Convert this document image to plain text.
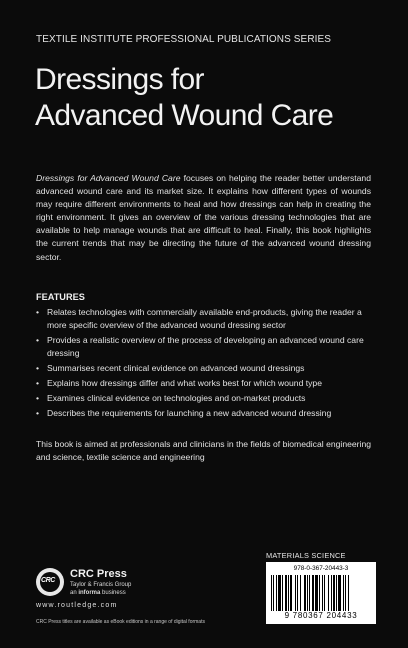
TEXTILE INSTITUTE PROFESSIONAL PUBLICATIONS SERIES
Dressings for
Advanced Wound Care
Dressings for Advanced Wound Care focuses on helping the reader better understand advanced wound care and its market size. It explains how different types of wounds may require different environments to heal and how dressings can help in creating the right environment. It gives an overview of the various dressing technologies that are available to help manage wounds that are difficult to heal. Finally, this book highlights the current trends that may be directing the future of the advanced wound dressing sector.
FEATURES
• Relates technologies with commercially available end-products, giving the reader a more specific overview of the advanced wound dressing sector
• Provides a realistic overview of the process of developing an advanced wound care dressing
• Summarises recent clinical evidence on advanced wound dressings
• Explains how dressings differ and what works best for which wound type
• Examines clinical evidence on technologies and on-market products
• Describes the requirements for launching a new advanced wound dressing
This book is aimed at professionals and clinicians in the fields of biomedical engineering and science, textile science and engineering
CRC
CRC Press
Taylor & Francis Group
an informa business
www.routledge.com
CRC Press titles are available as eBook editions in a range of digital formats
MATERIALS SCIENCE
978-0-367-20443-3
9 780367 204433
